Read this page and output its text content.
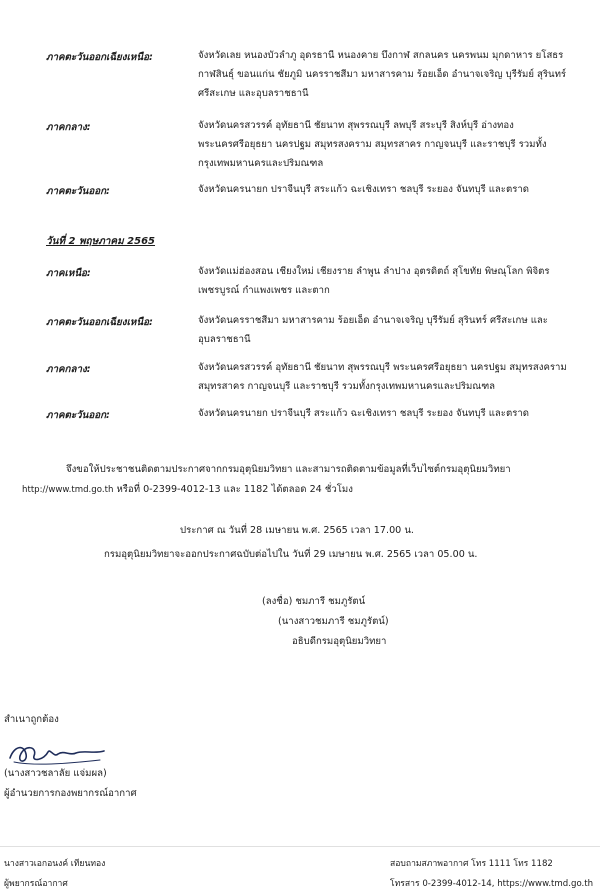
ภาคตะวันออกเฉียงเหนือ:	จังหวัดเลย หนองบัวลำภู อุดรธานี หนองคาย บึงกาฬ สกลนคร นครพนม มุกดาหาร ยโสธร กาฬสินธุ์ ขอนแก่น ชัยภูมิ นครราชสีมา มหาสารคาม ร้อยเอ็ด อำนาจเจริญ บุรีรัมย์ สุรินทร์ ศรีสะเกษ และอุบลราชธานี
ภาคกลาง:	จังหวัดนครสวรรค์ อุทัยธานี ชัยนาท สุพรรณบุรี ลพบุรี สระบุรี สิงห์บุรี อ่างทอง พระนครศรีอยุธยา นครปฐม สมุทรสงคราม สมุทรสาคร กาญจนบุรี และราชบุรี รวมทั้งกรุงเทพมหานครและปริมณฑล
ภาคตะวันออก:	จังหวัดนครนายก ปราจีนบุรี สระแก้ว ฉะเชิงเทรา ชลบุรี ระยอง จันทบุรี และตราด
วันที่ 2 พฤษภาคม 2565
ภาคเหนือ:	จังหวัดแม่ฮ่องสอน เชียงใหม่ เชียงราย ลำพูน ลำปาง อุตรดิตถ์ สุโขทัย พิษณุโลก พิจิตร เพชรบูรณ์ กำแพงเพชร และตาก
ภาคตะวันออกเฉียงเหนือ:	จังหวัดนครราชสีมา มหาสารคาม ร้อยเอ็ด อำนาจเจริญ บุรีรัมย์ สุรินทร์ ศรีสะเกษ และอุบลราชธานี
ภาคกลาง:	จังหวัดนครสวรรค์ อุทัยธานี ชัยนาท สุพรรณบุรี พระนครศรีอยุธยา นครปฐม สมุทรสงคราม สมุทรสาคร กาญจนบุรี และราชบุรี รวมทั้งกรุงเทพมหานครและปริมณฑล
ภาคตะวันออก:	จังหวัดนครนายก ปราจีนบุรี สระแก้ว ฉะเชิงเทรา ชลบุรี ระยอง จันทบุรี และตราด
จึงขอให้ประชาชนติดตามประกาศจากกรมอุตุนิยมวิทยา และสามารถติดตามข้อมูลที่เว็บไซต์กรมอุตุนิยมวิทยา
http://www.tmd.go.th หรือที่ 0-2399-4012-13 และ 1182 ได้ตลอด 24 ชั่วโมง
ประกาศ ณ วันที่ 28 เมษายน พ.ศ. 2565 เวลา 17.00 น.
กรมอุตุนิยมวิทยาจะออกประกาศฉบับต่อไปใน วันที่ 29 เมษายน พ.ศ. 2565 เวลา 05.00 น.
(ลงชื่อ) ชมภารี ชมภูรัตน์
(นางสาวชมภารี ชมภูรัตน์)
อธิบดีกรมอุตุนิยมวิทยา
สำเนาถูกต้อง
(นางสาวชลาลัย แจ่มผล)
ผู้อำนวยการกองพยากรณ์อากาศ
นางสาวเอกอนงค์ เทียนทอง
ผู้พยากรณ์อากาศ
สอบถามสภาพอากาศ โทร 1111 โทร 1182
โทรสาร 0-2399-4012-14, https://www.tmd.go.th
